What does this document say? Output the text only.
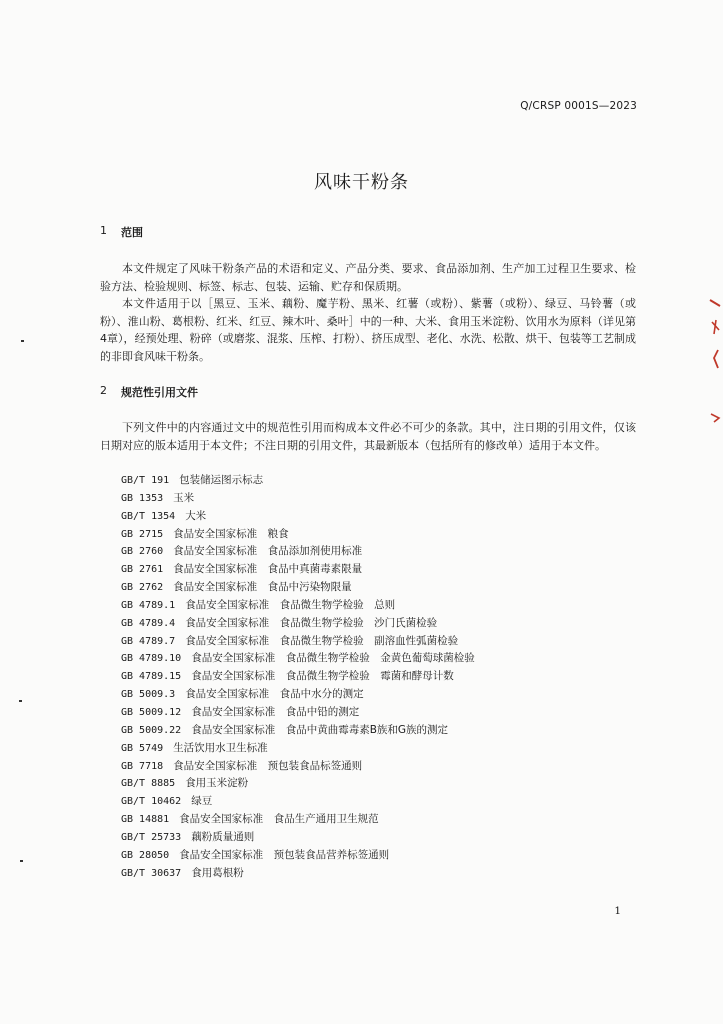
Q/CRSP 0001S—2023
风味干粉条
1 范围

本文件规定了风味干粉条产品的术语和定义、产品分类、要求、食品添加剂、生产加工过程卫生要求、检验方法、检验规则、标签、标志、包装、运输、贮存和保质期。

本文件适用于以［黑豆、玉米、藕粉、魔芋粉、黑米、红薯（或粉）、紫薯（或粉）、绿豆、马铃薯（或粉）、淮山粉、葛根粉、红米、红豆、辣木叶、桑叶］中的一种、大米、食用玉米淀粉、饮用水为原料（详见第4章），经预处理、粉碎（或磨浆、混浆、压榨、打粉）、挤压成型、老化、水洗、松散、烘干、包装等工艺制成的非即食风味干粉条。

2 规范性引用文件

下列文件中的内容通过文中的规范性引用而构成本文件必不可少的条款。其中，注日期的引用文件，仅该日期对应的版本适用于本文件；不注日期的引用文件，其最新版本（包括所有的修改单）适用于本文件。

GB/T 191 包装储运图示标志
GB 1353 玉米
GB/T 1354 大米
GB 2715 食品安全国家标准　粮食
GB 2760 食品安全国家标准　食品添加剂使用标准
GB 2761 食品安全国家标准　食品中真菌毒素限量
GB 2762 食品安全国家标准　食品中污染物限量
GB 4789.1 食品安全国家标准　食品微生物学检验　总则
GB 4789.4 食品安全国家标准　食品微生物学检验　沙门氏菌检验
GB 4789.7 食品安全国家标准　食品微生物学检验　副溶血性弧菌检验
GB 4789.10 食品安全国家标准　食品微生物学检验　金黄色葡萄球菌检验
GB 4789.15 食品安全国家标准　食品微生物学检验　霉菌和酵母计数
GB 5009.3 食品安全国家标准　食品中水分的测定
GB 5009.12 食品安全国家标准　食品中铅的测定
GB 5009.22 食品安全国家标准　食品中黄曲霉毒素B族和G族的测定
GB 5749 生活饮用水卫生标准
GB 7718 食品安全国家标准　预包装食品标签通则
GB/T 8885 食用玉米淀粉
GB/T 10462 绿豆
GB 14881 食品安全国家标准　食品生产通用卫生规范
GB/T 25733 藕粉质量通则
GB 28050 食品安全国家标准　预包装食品营养标签通则
GB/T 30637 食用葛根粉
1
